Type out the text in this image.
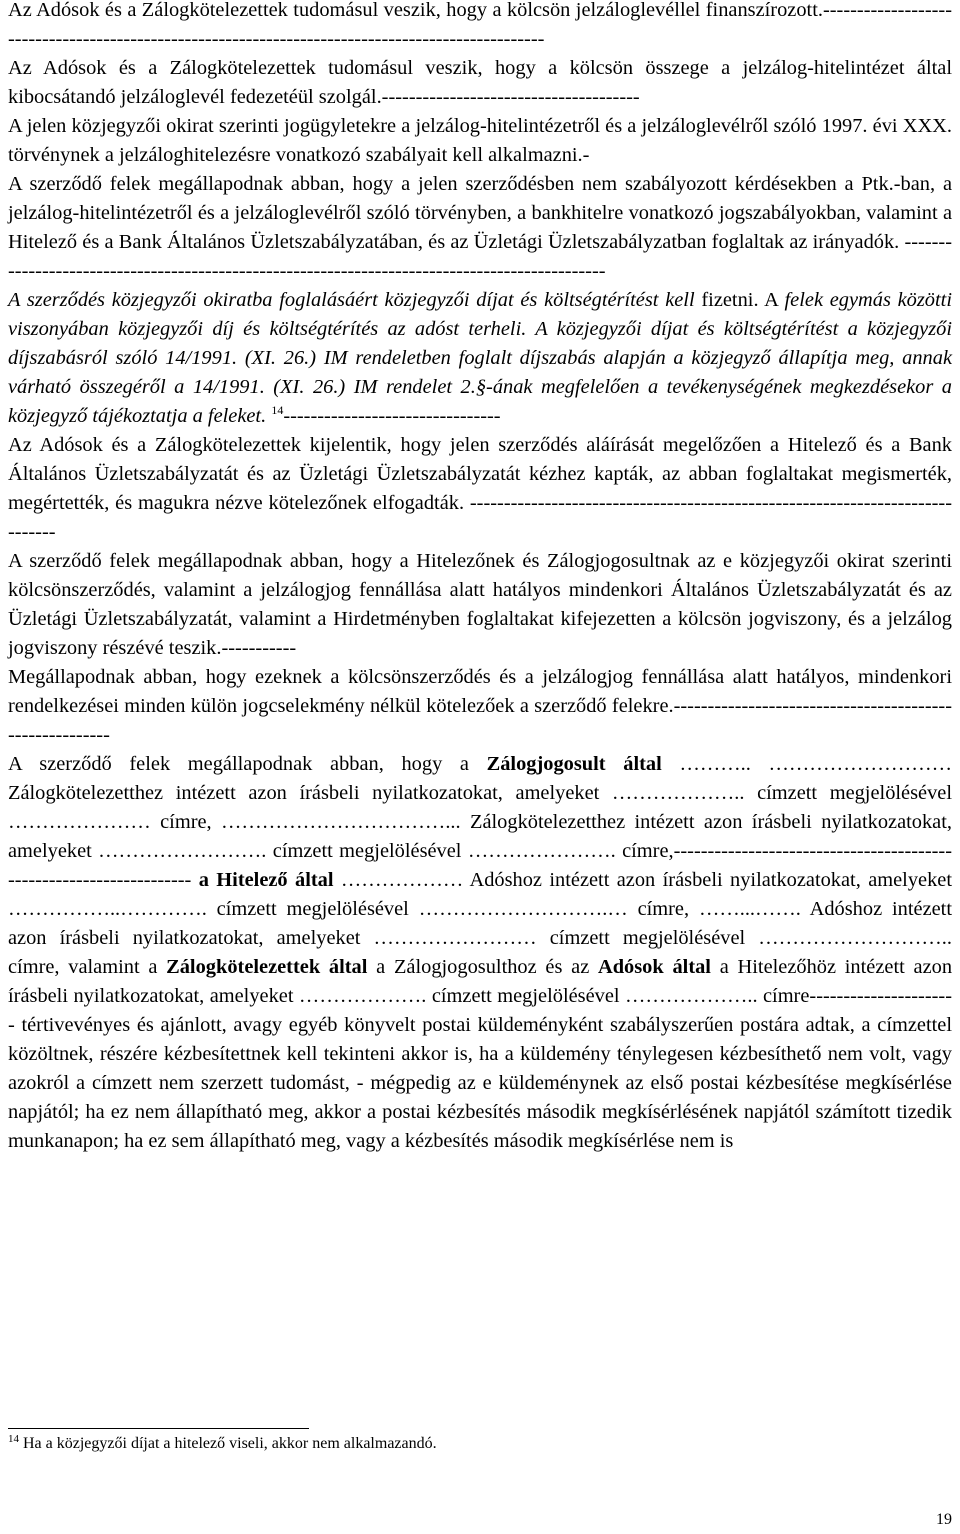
Az Adósok és a Zálogkötelezettek tudomásul veszik, hogy a kölcsön jelzáloglevéllel finanszírozott.--------------------------------------------------------------------------------------------------

Az Adósok és a Zálogkötelezettek tudomásul veszik, hogy a kölcsön összege a jelzálog-hitelintézet által kibocsátandó jelzáloglevél fedezetéül szolgál.--------------------------------------

A jelen közjegyzői okirat szerinti jogügyletekre a jelzálog-hitelintézetről és a jelzáloglevélről szóló 1997. évi XXX. törvénynek a jelzáloghitelezésre vonatkozó szabályait kell alkalmazni.-

A szerződő felek megállapodnak abban, hogy a jelen szerződésben nem szabályozott kérdésekben a Ptk.-ban, a jelzálog-hitelintézetről és a jelzáloglevélről szóló törvényben, a bankhitelre vonatkozó jogszabályokban, valamint a Hitelező és a Bank Általános Üzletszabályzatában, és az Üzletági Üzletszabályzatban foglaltak az irányadók. -----------------------------------------------------------------------------------------------

A szerződés közjegyzői okiratba foglalásáért közjegyzői díjat és költségtérítést kell fizetni. A felek egymás közötti viszonyában közjegyzői díj és költségtérítés az adóst terheli. A közjegyzői díjat és költségtérítést a közjegyzői díjszabásról szóló 14/1991. (XI. 26.) IM rendeletben foglalt díjszabás alapján a közjegyző állapítja meg, annak várható összegéről a 14/1991. (XI. 26.) IM rendelet 2.§-ának megfelelően a tevékenységének megkezdésekor a közjegyző tájékoztatja a feleket. $^{14}$--------------------------------

Az Adósok és a Zálogkötelezettek kijelentik, hogy jelen szerződés aláírását megelőzően a Hitelező és a Bank Általános Üzletszabályzatát és az Üzletági Üzletszabályzatát kézhez kapták, az abban foglaltakat megismerték, megértették, és magukra nézve kötelezőnek elfogadták. ------------------------------------------------------------------------------

A szerződő felek megállapodnak abban, hogy a Hitelezőnek és Zálogjogosultnak az e közjegyzői okirat szerinti kölcsönszerződés, valamint a jelzálogjog fennállása alatt hatályos mindenkori Általános Üzletszabályzatát és az Üzletági Üzletszabályzatát, valamint a Hirdetményben foglaltakat kifejezetten a kölcsön jogviszony, és a jelzálog jogviszony részévé teszik.-----------

Megállapodnak abban, hogy ezeknek a kölcsönszerződés és a jelzálogjog fennállása alatt hatályos, mindenkori rendelkezései minden külön jogcselekmény nélkül kötelezőek a szerződő felekre.--------------------------------------------------------

A szerződő felek megállapodnak abban, hogy a Zálogjogosult által ……….. ……………………… Zálogkötelezetthez intézett azon írásbeli nyilatkozatokat, amelyeket ……………….. címzett megjelölésével ………………… címre, ……………………………... Zálogkötelezetthez intézett azon írásbeli nyilatkozatokat, amelyeket ……………………. címzett megjelölésével …………………. címre,-------------------------------------------------------------------- a Hitelező által ……………… Adóshoz intézett azon írásbeli nyilatkozatokat, amelyeket ……………..…………. címzett megjelölésével ……………………….… címre, ……...……. Adóshoz intézett azon írásbeli nyilatkozatokat, amelyeket …………………… címzett megjelölésével ……………………….. címre, valamint a Zálogkötelezettek által a Zálogjogosulthoz és az Adósok által a Hitelezőhöz intézett azon írásbeli nyilatkozatokat, amelyeket ………………. címzett megjelölésével ……………….. címre---------------------- tértivevényes és ajánlott, avagy egyéb könyvelt postai küldeményként szabályszerűen postára adtak, a címzettel közöltnek, részére kézbesítettnek kell tekinteni akkor is, ha a küldemény ténylegesen kézbesíthető nem volt, vagy azokról a címzett nem szerzett tudomást, - mégpedig az e küldeménynek az első postai kézbesítése megkísérlése napjától; ha ez nem állapítható meg, akkor a postai kézbesítés második megkísérlésének napjától számított tizedik munkanapon; ha ez sem állapítható meg, vagy a kézbesítés második megkísérlése nem is

$^{14}$ Ha a közjegyzői díjat a hitelező viseli, akkor nem alkalmazandó.
19
